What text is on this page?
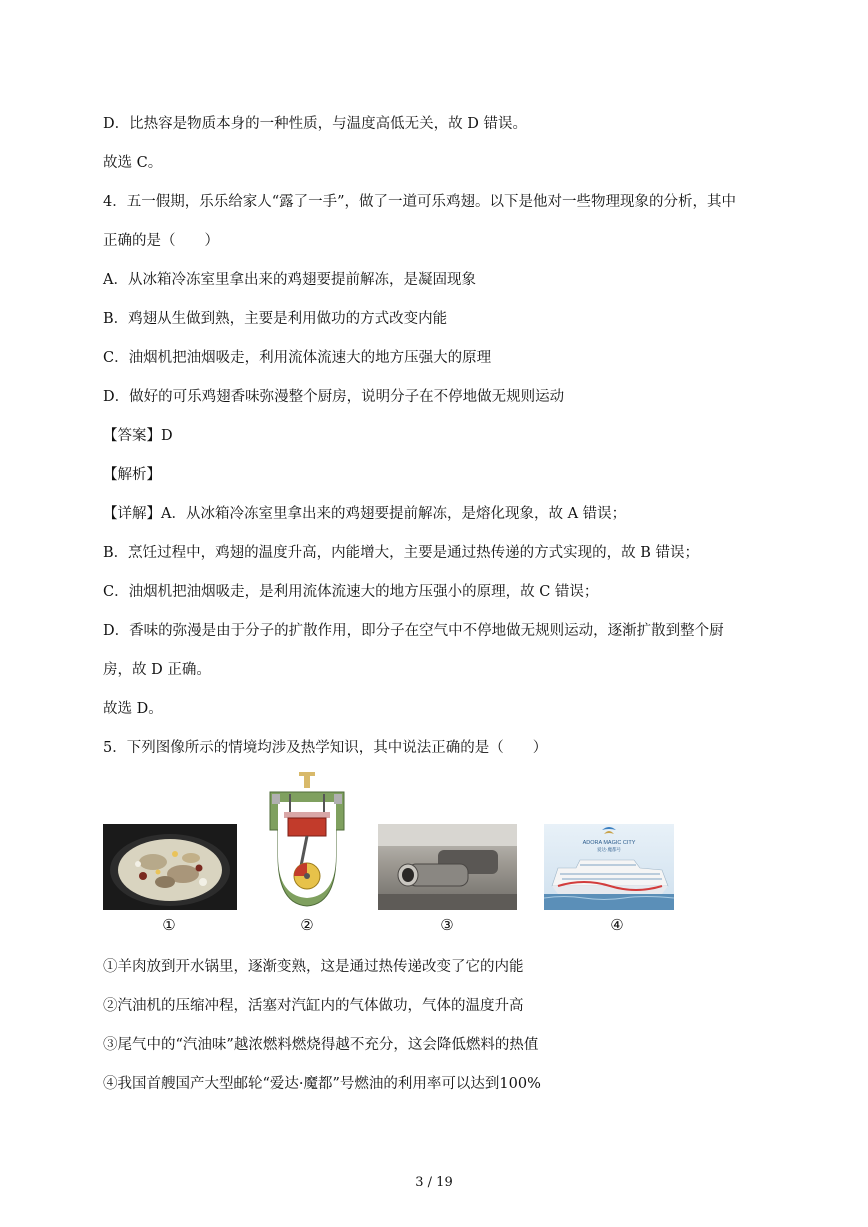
D．比热容是物质本身的一种性质，与温度高低无关，故 D 错误。
故选 C。
4．五一假期，乐乐给家人“露了一手”，做了一道可乐鸡翅。以下是他对一些物理现象的分析，其中
正确的是（　　）
A．从冰箱冷冻室里拿出来的鸡翅要提前解冻，是凝固现象
B．鸡翅从生做到熟，主要是利用做功的方式改变内能
C．油烟机把油烟吸走，利用流体流速大的地方压强大的原理
D．做好的可乐鸡翅香味弥漫整个厨房，说明分子在不停地做无规则运动
【答案】D
【解析】
【详解】A．从冰箱冷冻室里拿出来的鸡翅要提前解冻，是熔化现象，故 A 错误；
B．烹饪过程中，鸡翅的温度升高，内能增大，主要是通过热传递的方式实现的，故 B 错误；
C．油烟机把油烟吸走，是利用流体流速大的地方压强小的原理，故 C 错误；
D．香味的弥漫是由于分子的扩散作用，即分子在空气中不停地做无规则运动，逐渐扩散到整个厨
房，故 D 正确。
故选 D。
5．下列图像所示的情境均涉及热学知识，其中说法正确的是（　　）
ADORA MAGIC CITY
爱达·魔都号
①	②	③	④
①羊肉放到开水锅里，逐渐变熟，这是通过热传递改变了它的内能
②汽油机的压缩冲程，活塞对汽缸内的气体做功，气体的温度升高
③尾气中的“汽油味”越浓燃料燃烧得越不充分，这会降低燃料的热值
④我国首艘国产大型邮轮“爱达·魔都”号燃油的利用率可以达到100%
3 / 19
